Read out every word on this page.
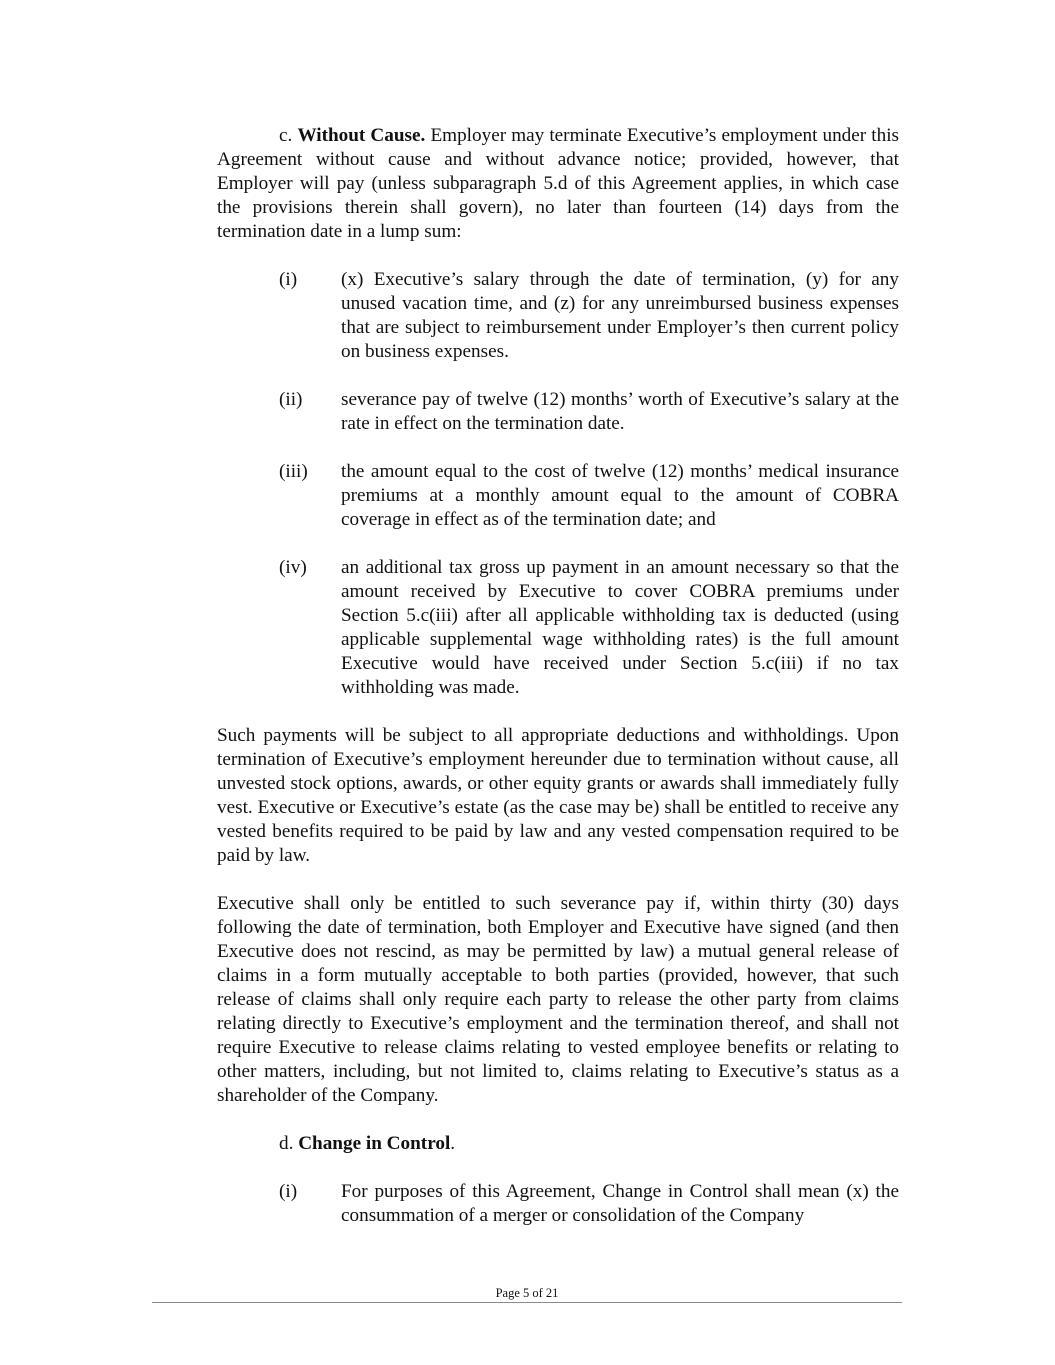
c. Without Cause. Employer may terminate Executive’s employment under this Agreement without cause and without advance notice; provided, however, that Employer will pay (unless subparagraph 5.d of this Agreement applies, in which case the provisions therein shall govern), no later than fourteen (14) days from the termination date in a lump sum:

(i)	(x) Executive’s salary through the date of termination, (y) for any unused vacation time, and (z) for any unreimbursed business expenses that are subject to reimbursement under Employer’s then current policy on business expenses.
(ii)	severance pay of twelve (12) months’ worth of Executive’s salary at the rate in effect on the termination date.
(iii)	the amount equal to the cost of twelve (12) months’ medical insurance premiums at a monthly amount equal to the amount of COBRA coverage in effect as of the termination date; and
(iv)	an additional tax gross up payment in an amount necessary so that the amount received by Executive to cover COBRA premiums under Section 5.c(iii) after all applicable withholding tax is deducted (using applicable supplemental wage withholding rates) is the full amount Executive would have received under Section 5.c(iii) if no tax withholding was made.

Such payments will be subject to all appropriate deductions and withholdings. Upon termination of Executive’s employment hereunder due to termination without cause, all unvested stock options, awards, or other equity grants or awards shall immediately fully vest. Executive or Executive’s estate (as the case may be) shall be entitled to receive any vested benefits required to be paid by law and any vested compensation required to be paid by law.

Executive shall only be entitled to such severance pay if, within thirty (30) days following the date of termination, both Employer and Executive have signed (and then Executive does not rescind, as may be permitted by law) a mutual general release of claims in a form mutually acceptable to both parties (provided, however, that such release of claims shall only require each party to release the other party from claims relating directly to Executive’s employment and the termination thereof, and shall not require Executive to release claims relating to vested employee benefits or relating to other matters, including, but not limited to, claims relating to Executive’s status as a shareholder of the Company.

d. Change in Control.

(i)	For purposes of this Agreement, Change in Control shall mean (x) the consummation of a merger or consolidation of the Company
Page 5 of 21
